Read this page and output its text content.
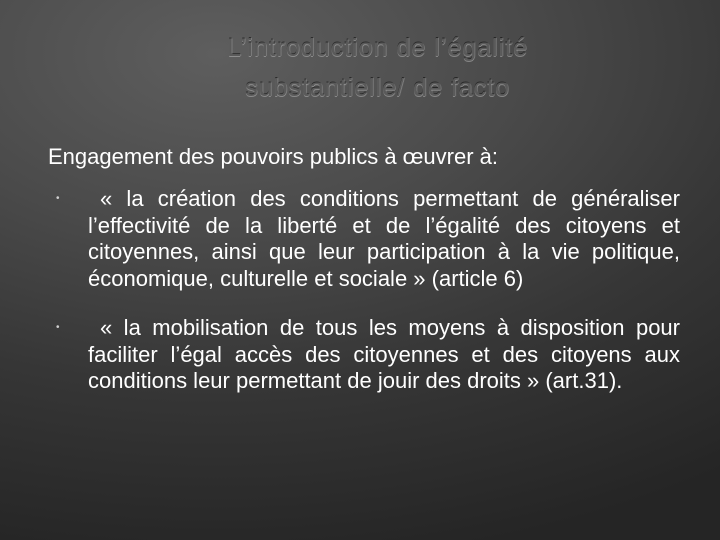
L’introduction de l’égalité
substantielle/ de facto

Engagement des pouvoirs publics à œuvrer à:

•	« la création des conditions permettant de généraliser l’effectivité de la liberté et de l’égalité des citoyens et citoyennes, ainsi que leur participation à la vie politique, économique, culturelle et sociale » (article 6)
•	« la mobilisation de tous les moyens à disposition pour faciliter l’égal accès des citoyennes et des citoyens aux conditions leur permettant de jouir des droits » (art.31).
